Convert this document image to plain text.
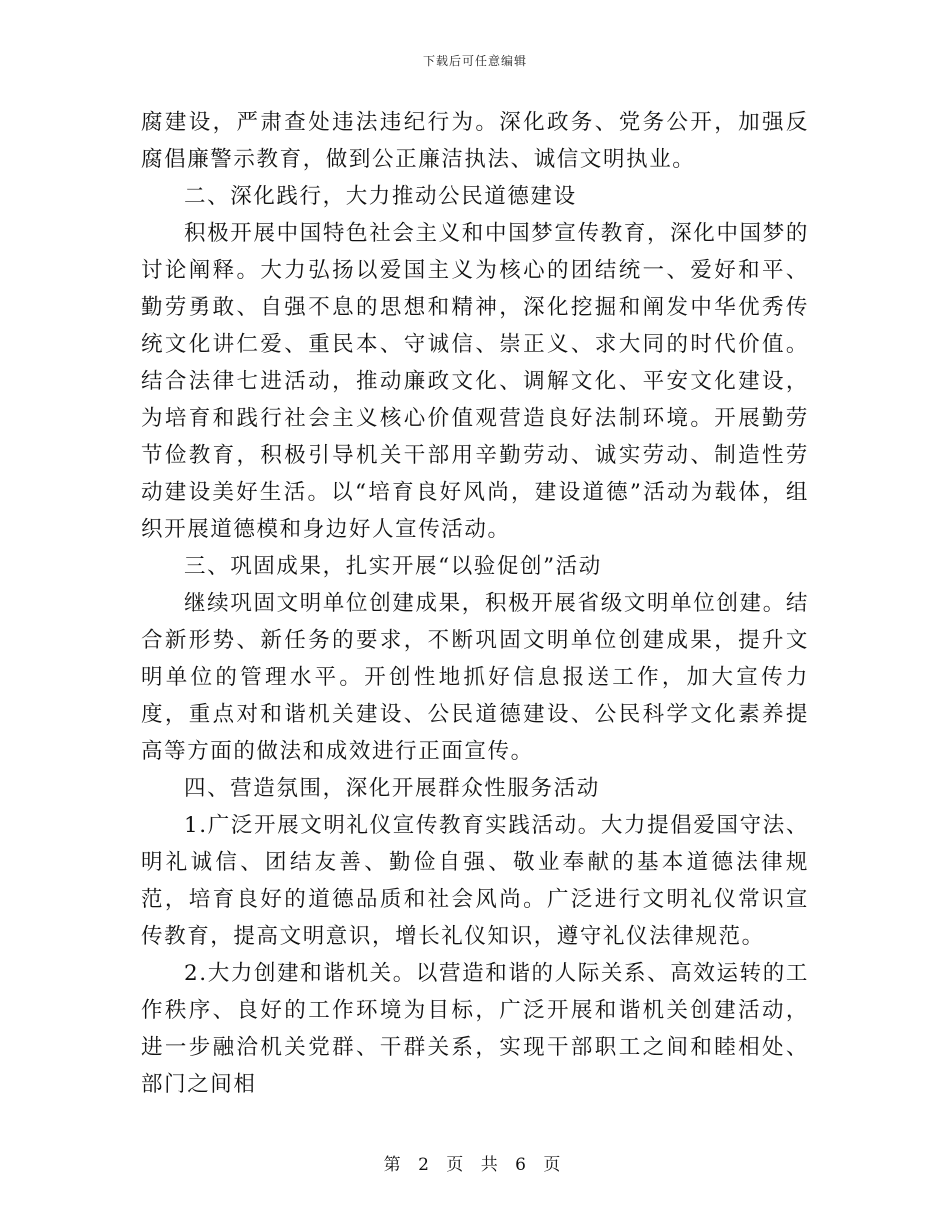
下载后可任意编辑

腐建设，严肃查处违法违纪行为。深化政务、党务公开，加强反腐倡廉警示教育，做到公正廉洁执法、诚信文明执业。

二、深化践行，大力推动公民道德建设

积极开展中国特色社会主义和中国梦宣传教育，深化中国梦的讨论阐释。大力弘扬以爱国主义为核心的团结统一、爱好和平、勤劳勇敢、自强不息的思想和精神，深化挖掘和阐发中华优秀传统文化讲仁爱、重民本、守诚信、崇正义、求大同的时代价值。结合法律七进活动，推动廉政文化、调解文化、平安文化建设，为培育和践行社会主义核心价值观营造良好法制环境。开展勤劳节俭教育，积极引导机关干部用辛勤劳动、诚实劳动、制造性劳动建设美好生活。以“培育良好风尚，建设道德”活动为载体，组织开展道德模和身边好人宣传活动。

三、巩固成果，扎实开展“以验促创”活动

继续巩固文明单位创建成果，积极开展省级文明单位创建。结合新形势、新任务的要求，不断巩固文明单位创建成果，提升文明单位的管理水平。开创性地抓好信息报送工作，加大宣传力度，重点对和谐机关建设、公民道德建设、公民科学文化素养提高等方面的做法和成效进行正面宣传。

四、营造氛围，深化开展群众性服务活动

1.广泛开展文明礼仪宣传教育实践活动。大力提倡爱国守法、明礼诚信、团结友善、勤俭自强、敬业奉献的基本道德法律规范，培育良好的道德品质和社会风尚。广泛进行文明礼仪常识宣传教育，提高文明意识，增长礼仪知识，遵守礼仪法律规范。

2.大力创建和谐机关。以营造和谐的人际关系、高效运转的工作秩序、良好的工作环境为目标，广泛开展和谐机关创建活动，进一步融洽机关党群、干群关系，实现干部职工之间和睦相处、部门之间相

第 2 页 共 6 页
